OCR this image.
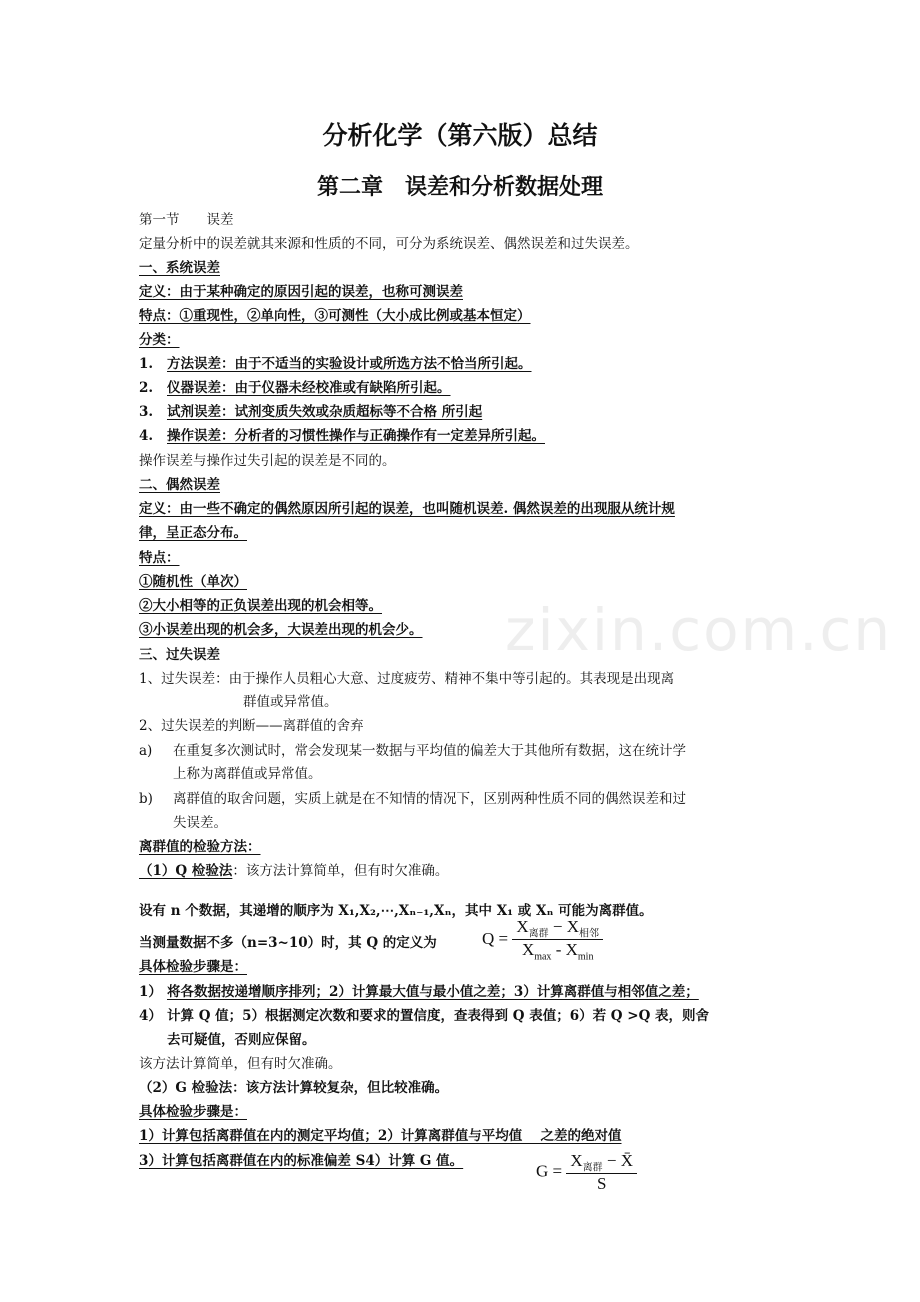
zixin.com.cn
分析化学（第六版）总结
第二章　误差和分析数据处理
第一节　　误差
定量分析中的误差就其来源和性质的不同，可分为系统误差、偶然误差和过失误差。
一、系统误差
定义：由于某种确定的原因引起的误差，也称可测误差
特点：①重现性，②单向性，③可测性（大小成比例或基本恒定）
分类：
1. 方法误差：由于不适当的实验设计或所选方法不恰当所引起。
2. 仪器误差：由于仪器未经校准或有缺陷所引起。
3. 试剂误差：试剂变质失效或杂质超标等不合格 所引起
4. 操作误差：分析者的习惯性操作与正确操作有一定差异所引起。
操作误差与操作过失引起的误差是不同的。
二、偶然误差
定义：由一些不确定的偶然原因所引起的误差，也叫随机误差. 偶然误差的出现服从统计规
律，呈正态分布。
特点：
①随机性（单次）
②大小相等的正负误差出现的机会相等。
③小误差出现的机会多，大误差出现的机会少。
三、过失误差
1、过失误差：由于操作人员粗心大意、过度疲劳、精神不集中等引起的。其表现是出现离
群值或异常值。
2、过失误差的判断——离群值的舍弃
a) 在重复多次测试时，常会发现某一数据与平均值的偏差大于其他所有数据，这在统计学
上称为离群值或异常值。
b) 离群值的取舍问题，实质上就是在不知情的情况下，区别两种性质不同的偶然误差和过
失误差。
离群值的检验方法：
（1）Q 检验法：该方法计算简单，但有时欠准确。
设有 n 个数据，其递增的顺序为 X₁,X₂,⋯,Xₙ₋₁,Xₙ，其中 X₁ 或 Xₙ 可能为离群值。
当测量数据不多（n=3~10）时，其 Q 的定义为	$Q = \frac{X_{离群} - X_{相邻}}{X_{max} - X_{min}}$
具体检验步骤是：
1） 将各数据按递增顺序排列；2）计算最大值与最小值之差；3）计算离群值与相邻值之差；
4） 计算 Q 值；5）根据测定次数和要求的置信度，查表得到 Q 表值；6）若 Q >Q 表，则舍
去可疑值，否则应保留。
该方法计算简单，但有时欠准确。
（2）G 检验法：该方法计算较复杂，但比较准确。
具体检验步骤是：
1）计算包括离群值在内的测定平均值；2）计算离群值与平均值　 之差的绝对值
3）计算包括离群值在内的标准偏差 S4）计算 G 值。
$G = \frac{X_{离群} - X̄}{S}$
